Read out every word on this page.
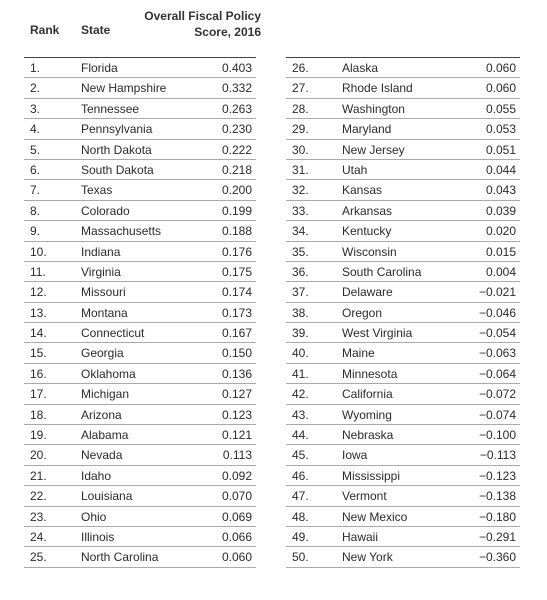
Rank State
Overall Fiscal Policy
Score, 2016
1.	Florida	0.403
2.	New Hampshire	0.332
3.	Tennessee	0.263
4.	Pennsylvania	0.230
5.	North Dakota	0.222
6.	South Dakota	0.218
7.	Texas	0.200
8.	Colorado	0.199
9.	Massachusetts	0.188
10.	Indiana	0.176
11.	Virginia	0.175
12.	Missouri	0.174
13.	Montana	0.173
14.	Connecticut	0.167
15.	Georgia	0.150
16.	Oklahoma	0.136
17.	Michigan	0.127
18.	Arizona	0.123
19.	Alabama	0.121
20.	Nevada	0.113
21.	Idaho	0.092
22.	Louisiana	0.070
23.	Ohio	0.069
24.	Illinois	0.066
25.	North Carolina	0.060
26.	Alaska	0.060
27.	Rhode Island	0.060
28.	Washington	0.055
29.	Maryland	0.053
30.	New Jersey	0.051
31.	Utah	0.044
32.	Kansas	0.043
33.	Arkansas	0.039
34.	Kentucky	0.020
35.	Wisconsin	0.015
36.	South Carolina	0.004
37.	Delaware	−0.021
38.	Oregon	−0.046
39.	West Virginia	−0.054
40.	Maine	−0.063
41.	Minnesota	−0.064
42.	California	−0.072
43.	Wyoming	−0.074
44.	Nebraska	−0.100
45.	Iowa	−0.113
46.	Mississippi	−0.123
47.	Vermont	−0.138
48.	New Mexico	−0.180
49.	Hawaii	−0.291
50.	New York	−0.360
